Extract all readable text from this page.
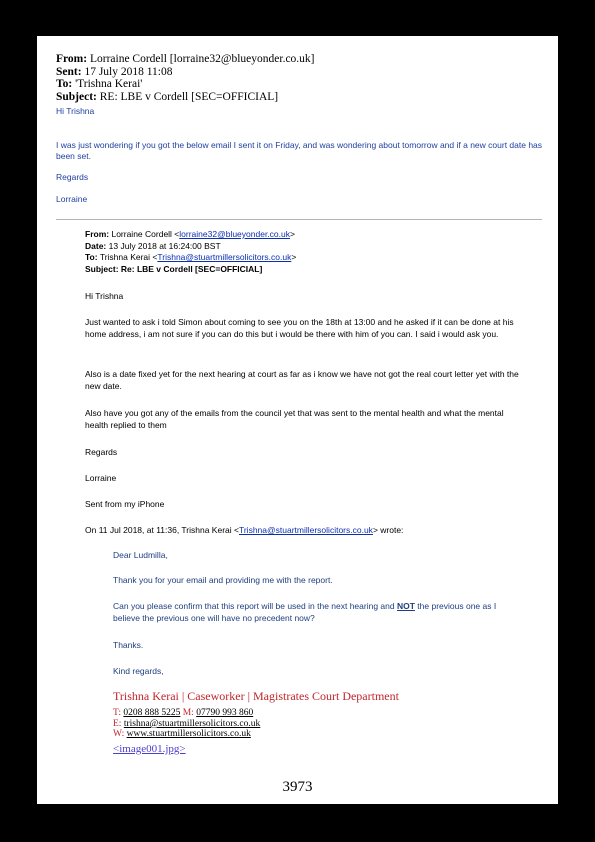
From: Lorraine Cordell [lorraine32@blueyonder.co.uk]
Sent: 17 July 2018 11:08
To: 'Trishna Kerai'
Subject: RE: LBE v Cordell [SEC=OFFICIAL]
Hi Trishna
I was just wondering if you got the below email I sent it on Friday, and was wondering about tomorrow and if a new court date has been set.
Regards
Lorraine
From: Lorraine Cordell <lorraine32@blueyonder.co.uk>
Date: 13 July 2018 at 16:24:00 BST
To: Trishna Kerai <Trishna@stuartmillersolicitors.co.uk>
Subject: Re: LBE v Cordell [SEC=OFFICIAL]
Hi Trishna
Just wanted to ask i told Simon about coming to see you on the 18th at 13:00 and he asked if it can be done at his home address, i am not sure if you can do this but i would be there with him of you can. I said i would ask you.
Also is a date fixed yet for the next hearing at court as far as i know we have not got the real court letter yet with the new date.
Also have you got any of the emails from the council yet that was sent to the mental health and what the mental health replied to them
Regards
Lorraine
Sent from my iPhone
On 11 Jul 2018, at 11:36, Trishna Kerai <Trishna@stuartmillersolicitors.co.uk> wrote:
Dear Ludmilla,
Thank you for your email and providing me with the report.
Can you please confirm that this report will be used in the next hearing and NOT the previous one as I believe the previous one will have no precedent now?
Thanks.
Kind regards,
Trishna Kerai | Caseworker | Magistrates Court Department
T: 0208 888 5225 M: 07790 993 860
E: trishna@stuartmillersolicitors.co.uk
W: www.stuartmillersolicitors.co.uk
<image001.jpg>
3973
